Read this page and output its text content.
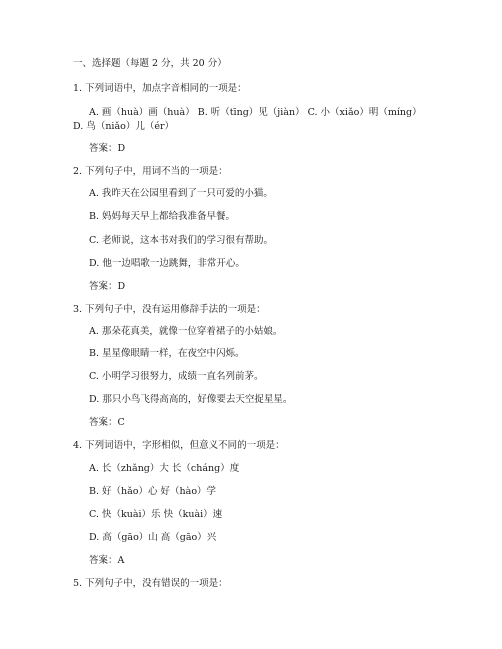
一、选择题（每题 2 分，共 20 分）
1. 下列词语中，加点字音相同的一项是：
A. 画（huà）画（huà） B. 听（tīng）见（jiàn） C. 小（xiǎo）明（míng）
D. 鸟（niǎo）儿（ér）
答案：D
2. 下列句子中，用词不当的一项是：
A. 我昨天在公园里看到了一只可爱的小猫。
B. 妈妈每天早上都给我准备早餐。
C. 老师说，这本书对我们的学习很有帮助。
D. 他一边唱歌一边跳舞，非常开心。
答案：D
3. 下列句子中，没有运用修辞手法的一项是：
A. 那朵花真美，就像一位穿着裙子的小姑娘。
B. 星星像眼睛一样，在夜空中闪烁。
C. 小明学习很努力，成绩一直名列前茅。
D. 那只小鸟飞得高高的，好像要去天空捉星星。
答案：C
4. 下列词语中，字形相似，但意义不同的一项是：
A. 长（zhǎng）大 长（cháng）度
B. 好（hǎo）心 好（hào）学
C. 快（kuài）乐 快（kuài）速
D. 高（gāo）山 高（gāo）兴
答案：A
5. 下列句子中，没有错误的一项是：
